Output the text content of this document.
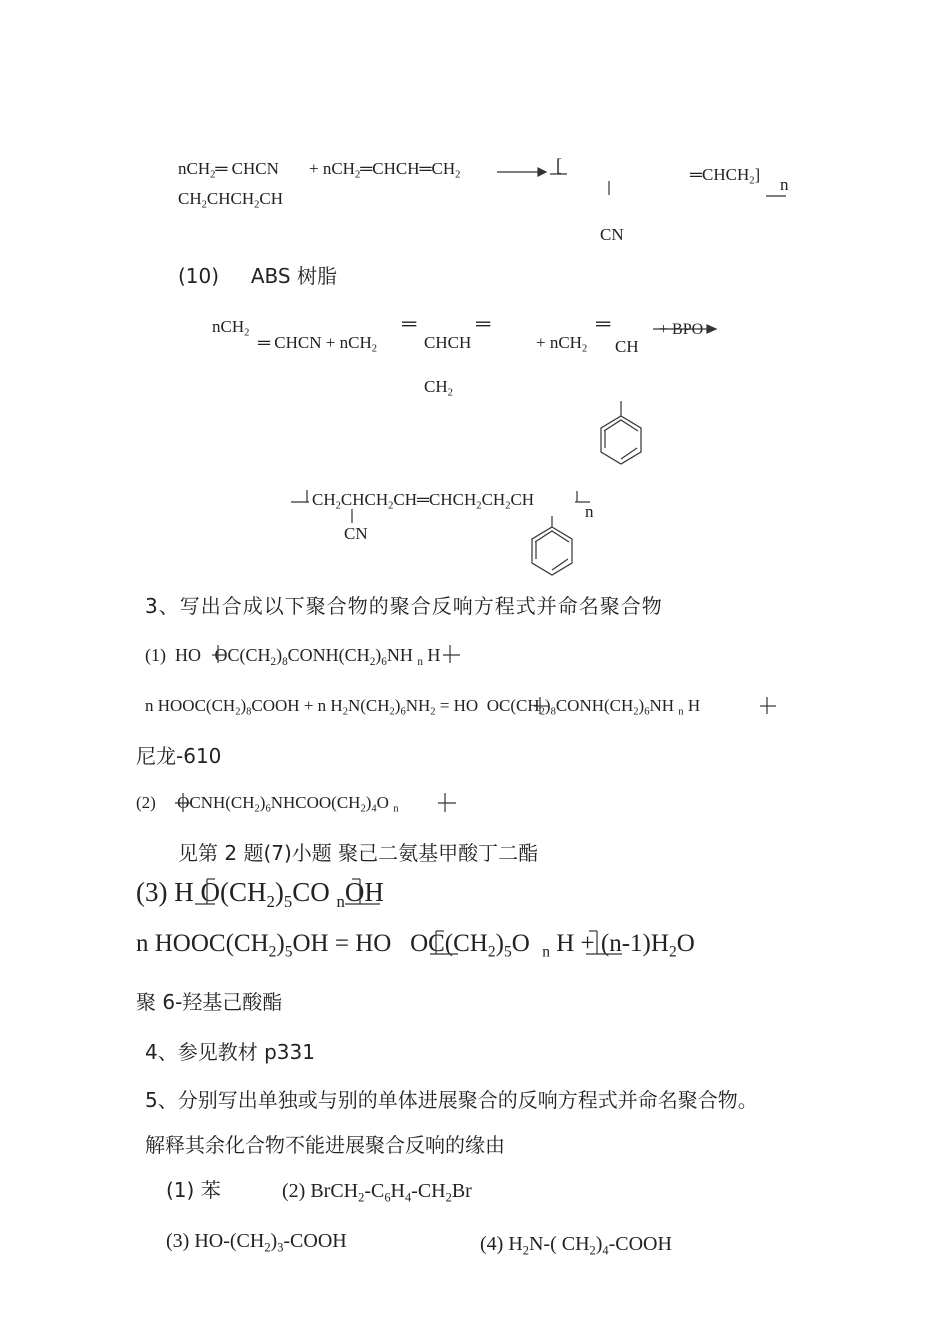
nCH$_2$═ CHCN + $nCH_2═CHCH═CH_2$
$CH_2CHCH_2CH$
[	$═CHCH_2$]
n
CN
(10) ABS 树脂
nCH$_2$ ═ CHCN + nCH$_2$
═
CHCH
═
+ nCH$_2$
═
CH
+ BPO
$CH_2$
$CH_2CHCH_2CH═CHCH_2CH_2CH$
n
CN
3、写出合成以下聚合物的聚合反响方程式并命名聚合物
(1) HO $OC(CH_2)_8CONH(CH_2)_6NH$ $_n$ H
n $HOOC(CH_2)_8COOH + n$ $H_2N(CH_2)_6NH_2$ = HO $OC(CH_2)_8CONH(CH_2)_6NH$ $_n$ H
尼龙-610
(2) $OCNH(CH_2)_6NHCOO(CH_2)_4O$ $_n$
见第 2 题(7)小题 聚己二氨基甲酸丁二酯
(3) H $O(CH_2)_5CO$ $_n$OH
n $HOOC(CH_2)_5OH$ = HO   $OC(CH_2)_5O$  $_n$ $H + (n-1)H_2O$
聚 6-羟基己酸酯
4、参见教材 p331
5、分别写出单独或与别的单体进展聚合的反响方程式并命名聚合物。
解释其余化合物不能进展聚合反响的缘由
(1) 苯	(2) $BrCH_2-C_6H_4-CH_2Br$
(3) $HO-(CH_2)_3$-COOH	(4) $H_2N-$( $CH_2)_4$-COOH
